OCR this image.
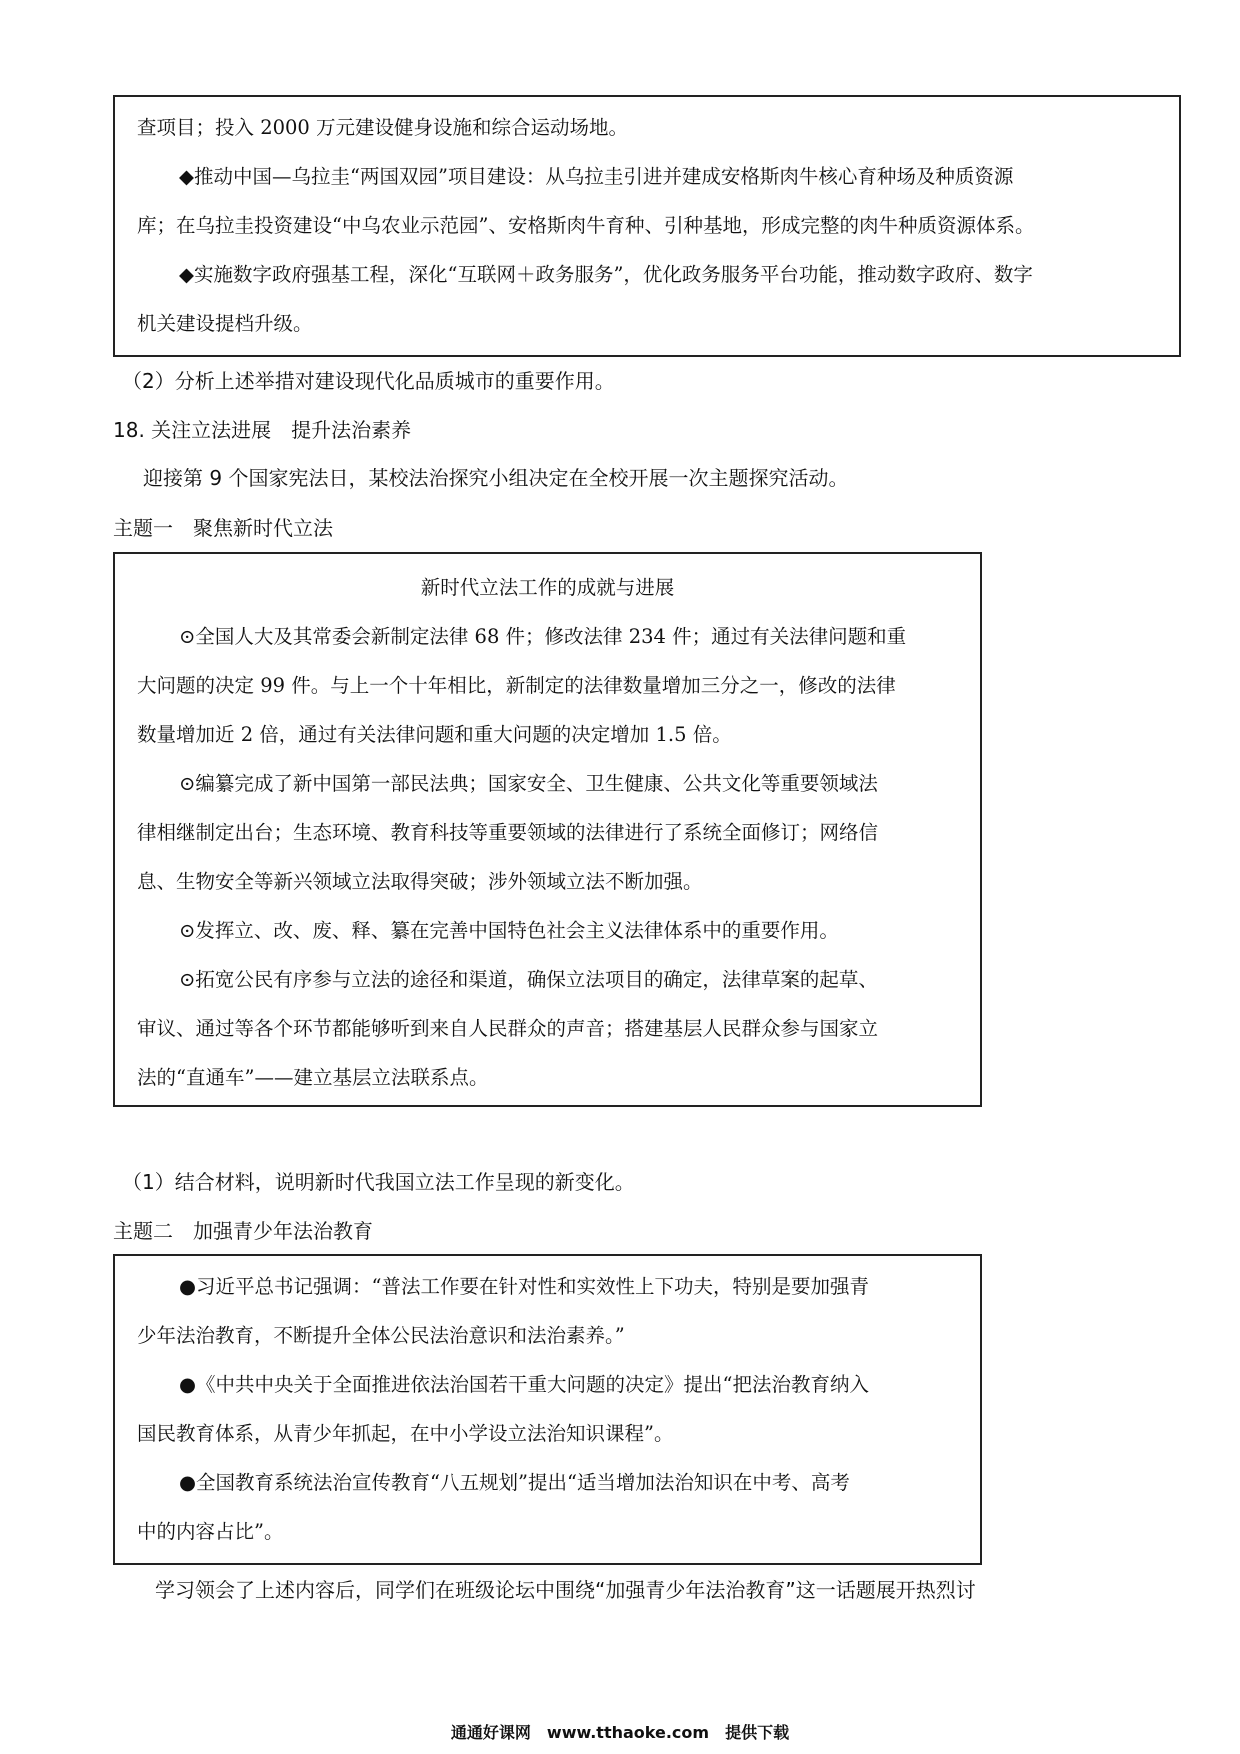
查项目；投入 2000 万元建设健身设施和综合运动场地。

◆推动中国—乌拉圭“两国双园”项目建设：从乌拉圭引进并建成安格斯肉牛核心育种场及种质资源

库；在乌拉圭投资建设“中乌农业示范园”、安格斯肉牛育种、引种基地，形成完整的肉牛种质资源体系。

◆实施数字政府强基工程，深化“互联网＋政务服务”，优化政务服务平台功能，推动数字政府、数字

机关建设提档升级。

（2）分析上述举措对建设现代化品质城市的重要作用。

18. 关注立法进展　提升法治素养

迎接第 9 个国家宪法日，某校法治探究小组决定在全校开展一次主题探究活动。

主题一　聚焦新时代立法

新时代立法工作的成就与进展

⊙全国人大及其常委会新制定法律 68 件；修改法律 234 件；通过有关法律问题和重

大问题的决定 99 件。与上一个十年相比，新制定的法律数量增加三分之一，修改的法律

数量增加近 2 倍，通过有关法律问题和重大问题的决定增加 1.5 倍。

⊙编纂完成了新中国第一部民法典；国家安全、卫生健康、公共文化等重要领域法

律相继制定出台；生态环境、教育科技等重要领域的法律进行了系统全面修订；网络信

息、生物安全等新兴领域立法取得突破；涉外领域立法不断加强。

⊙发挥立、改、废、释、纂在完善中国特色社会主义法律体系中的重要作用。

⊙拓宽公民有序参与立法的途径和渠道，确保立法项目的确定，法律草案的起草、

审议、通过等各个环节都能够听到来自人民群众的声音；搭建基层人民群众参与国家立

法的“直通车”——建立基层立法联系点。

（1）结合材料，说明新时代我国立法工作呈现的新变化。

主题二　加强青少年法治教育

●习近平总书记强调：“普法工作要在针对性和实效性上下功夫，特别是要加强青

少年法治教育，不断提升全体公民法治意识和法治素养。”

●《中共中央关于全面推进依法治国若干重大问题的决定》提出“把法治教育纳入

国民教育体系，从青少年抓起，在中小学设立法治知识课程”。

●全国教育系统法治宣传教育“八五规划”提出“适当增加法治知识在中考、高考

中的内容占比”。

学习领会了上述内容后，同学们在班级论坛中围绕“加强青少年法治教育”这一话题展开热烈讨

通通好课网　www.tthaoke.com　提供下载
